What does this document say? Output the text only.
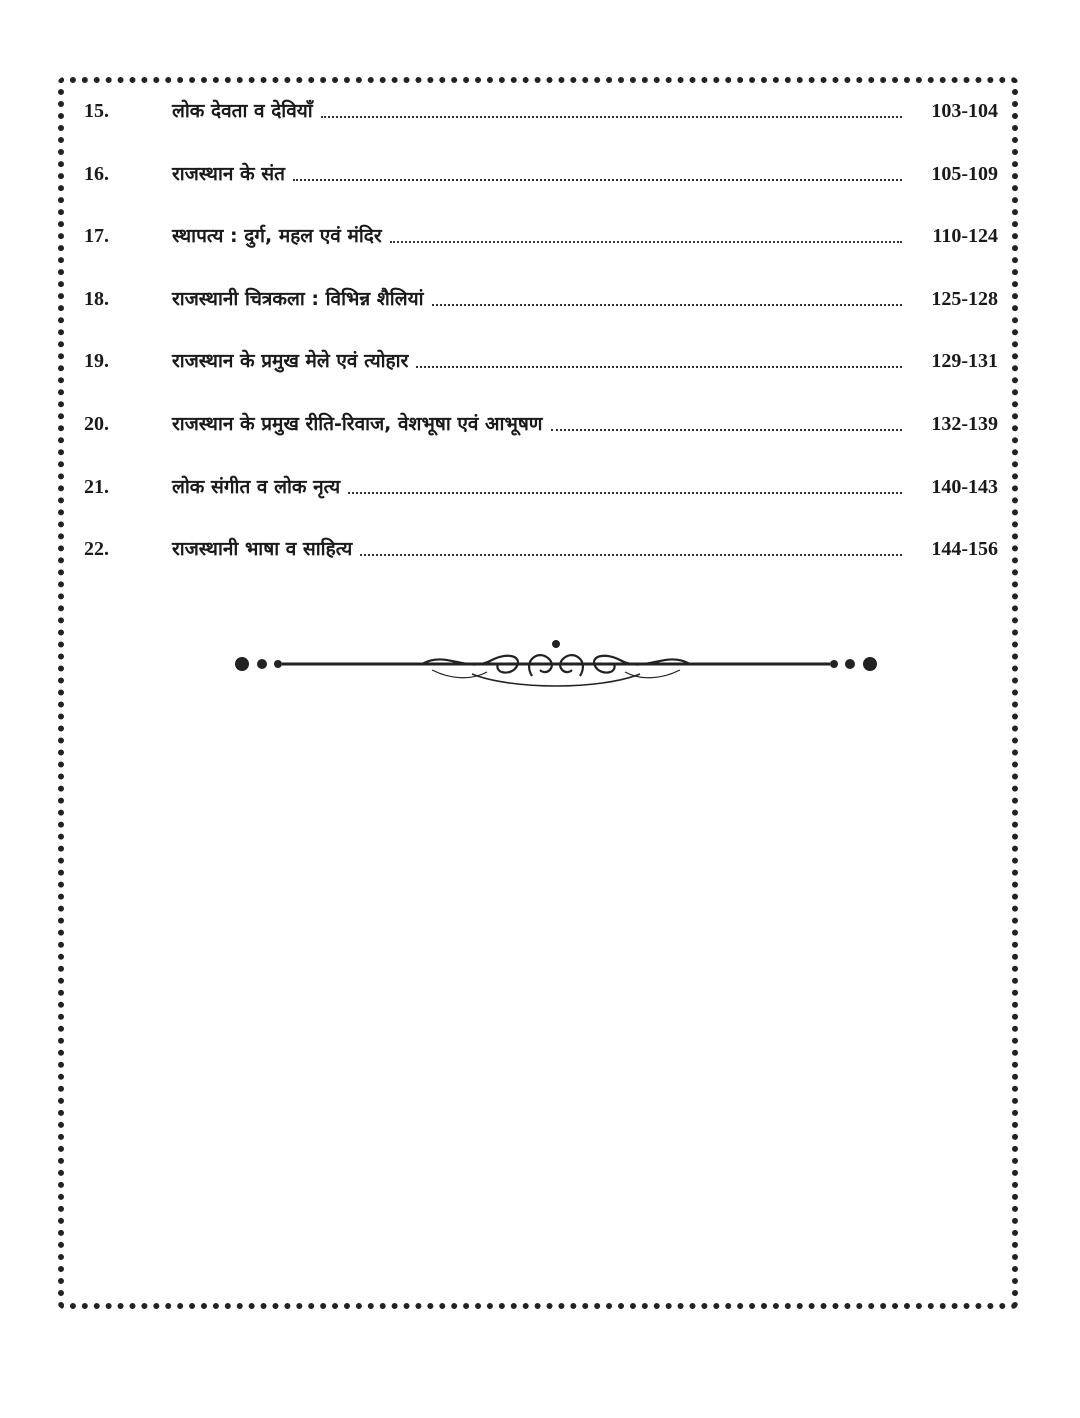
15.	लोक देवता व देवियाँ	103-104
16.	राजस्थान के संत	105-109
17.	स्थापत्य : दुर्ग, महल एवं मंदिर	110-124
18.	राजस्थानी चित्रकला : विभिन्न शैलियां	125-128
19.	राजस्थान के प्रमुख मेले एवं त्योहार	129-131
20.	राजस्थान के प्रमुख रीति-रिवाज, वेशभूषा एवं आभूषण	132-139
21.	लोक संगीत व लोक नृत्य	140-143
22.	राजस्थानी भाषा व साहित्य	144-156
